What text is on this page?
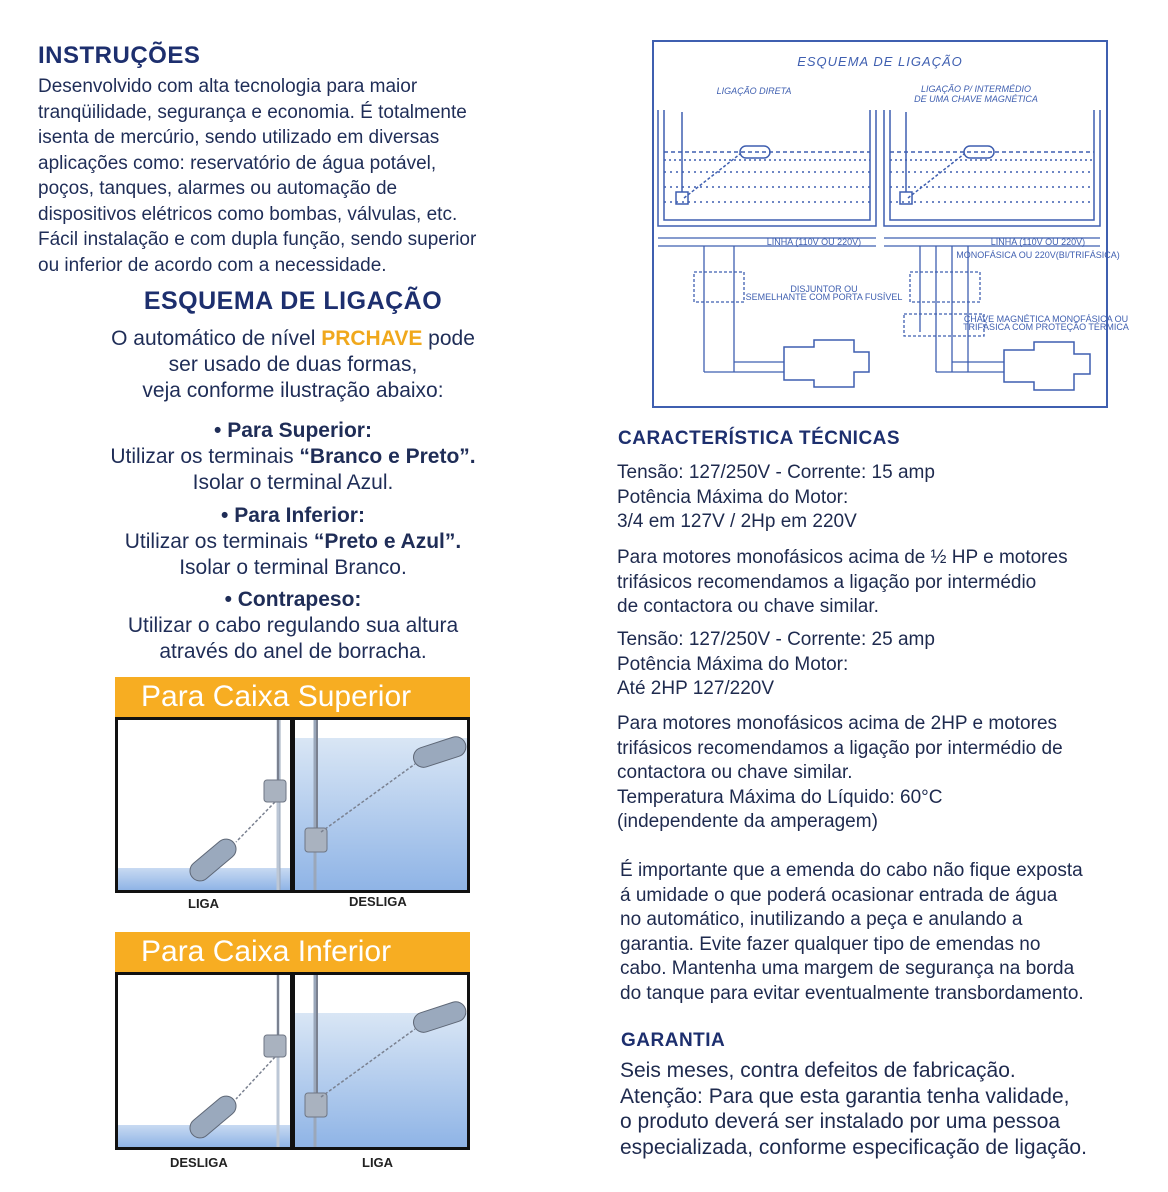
INSTRUÇÕES
Desenvolvido com alta tecnologia para maior
tranqüilidade, segurança e economia. É totalmente
isenta de mercúrio, sendo utilizado em diversas
aplicações como: reservatório de água potável,
poços, tanques, alarmes ou automação de
dispositivos elétricos como bombas, válvulas, etc.
Fácil instalação e com dupla função, sendo superior
ou inferior de acordo com a necessidade.
ESQUEMA DE LIGAÇÃO
O automático de nível PRCHAVE pode
ser usado de duas formas,
veja conforme ilustração abaixo:
• Para Superior:
Utilizar os terminais “Branco e Preto”.
Isolar o terminal Azul.
• Para Inferior:
Utilizar os terminais “Preto e Azul”.
Isolar o terminal Branco.
• Contrapeso:
Utilizar o cabo regulando sua altura
através do anel de borracha.
Para Caixa Superior
LIGA	DESLIGA
Para Caixa Inferior
DESLIGA	LIGA
ESQUEMA DE LIGAÇÃO
LIGAÇÃO DIRETA	LIGAÇÃO P/ INTERMÉDIO
DE UMA CHAVE MAGNÉTICA
LINHA (110V OU 220V)	LINHA (110V OU 220V)
MONOFÁSICA OU 220V(BI/TRIFÁSICA)
DISJUNTOR OU
SEMELHANTE COM PORTA FUSÍVEL
CHAVE MAGNÉTICA MONOFÁSICA OU
TRIFÁSICA COM PROTEÇÃO TÉRMICA
CARACTERÍSTICA TÉCNICAS
Tensão: 127/250V - Corrente: 15 amp
Potência Máxima do Motor:
3/4 em 127V / 2Hp em 220V
Para motores monofásicos acima de ½ HP e motores
trifásicos recomendamos a ligação por intermédio
de contactora ou chave similar.
Tensão: 127/250V - Corrente: 25 amp
Potência Máxima do Motor:
Até 2HP 127/220V
Para motores monofásicos acima de 2HP e motores
trifásicos recomendamos a ligação por intermédio de
contactora ou chave similar.
Temperatura Máxima do Líquido: 60°C
(independente da amperagem)
É importante que a emenda do cabo não fique exposta
á umidade o que poderá ocasionar entrada de água
no automático, inutilizando a peça e anulando a
garantia. Evite fazer qualquer tipo de emendas no
cabo. Mantenha uma margem de segurança na borda
do tanque para evitar eventualmente transbordamento.
GARANTIA
Seis meses, contra defeitos de fabricação.
Atenção: Para que esta garantia tenha validade,
o produto deverá ser instalado por uma pessoa
especializada, conforme especificação de ligação.
